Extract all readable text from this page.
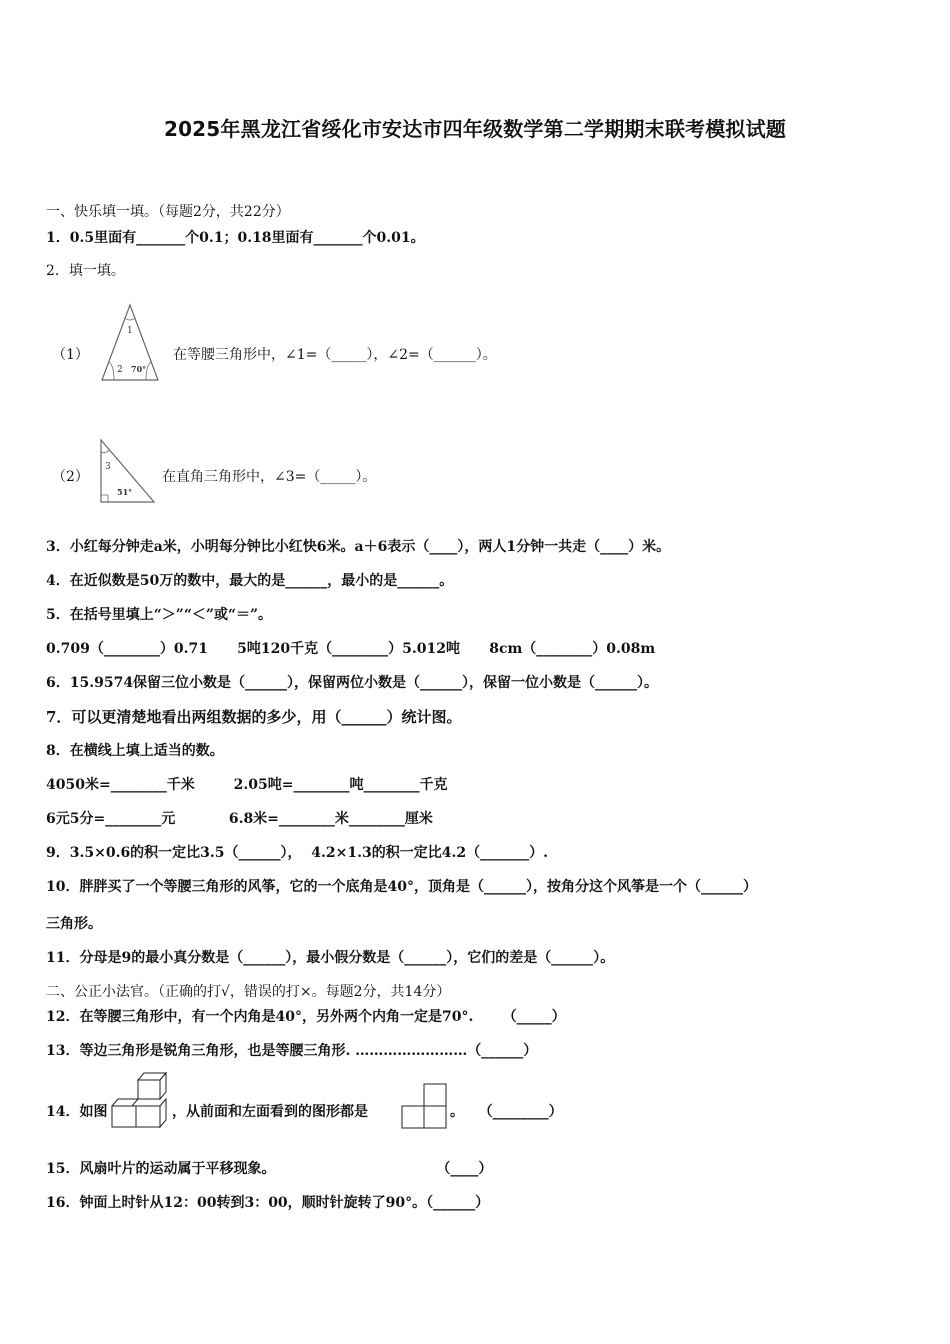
2025年黑龙江省绥化市安达市四年级数学第二学期期末联考模拟试题
一、快乐填一填。（每题2分，共22分）
1．0.5里面有_______个0.1；0.18里面有_______个0.01。
2．填一填。
（1）
1
2 70°
在等腰三角形中，∠1=（_____），∠2=（______）。
（2）
3
51°
在直角三角形中，∠3=（_____）。
3．小红每分钟走a米，小明每分钟比小红快6米。a＋6表示（____），两人1分钟一共走（____）米。
4．在近似数是50万的数中，最大的是______，最小的是______。
5．在括号里填上“＞”“＜”或“＝”。
0.709（________）0.71      5吨120千克（________）5.012吨      8cm（________）0.08m
6．15.9574保留三位小数是（______），保留两位小数是（______），保留一位小数是（______）。
7．可以更清楚地看出两组数据的多少，用（______）统计图。
8．在横线上填上适当的数。
4050米=________千米        2.05吨=________吨________千克
6元5分=________元           6.8米=________米________厘米
9．3.5×0.6的积一定比3.5（______），  4.2×1.3的积一定比4.2（_______）.
10．胖胖买了一个等腰三角形的风筝，它的一个底角是40°，顶角是（______），按角分这个风筝是一个（______）
三角形。
11．分母是9的最小真分数是（______），最小假分数是（______），它们的差是（______）。
二、公正小法官。（正确的打√，错误的打×。每题2分，共14分）
12．在等腰三角形中，有一个内角是40°，另外两个内角一定是70°.      （_____）
13．等边三角形是锐角三角形，也是等腰三角形. ……………………（______）
14．如图	，从前面和左面看到的图形都是	。   （________）
15．风扇叶片的运动属于平移现象。                                 （____）
16．钟面上时针从12：00转到3：00，顺时针旋转了90°。（______）
